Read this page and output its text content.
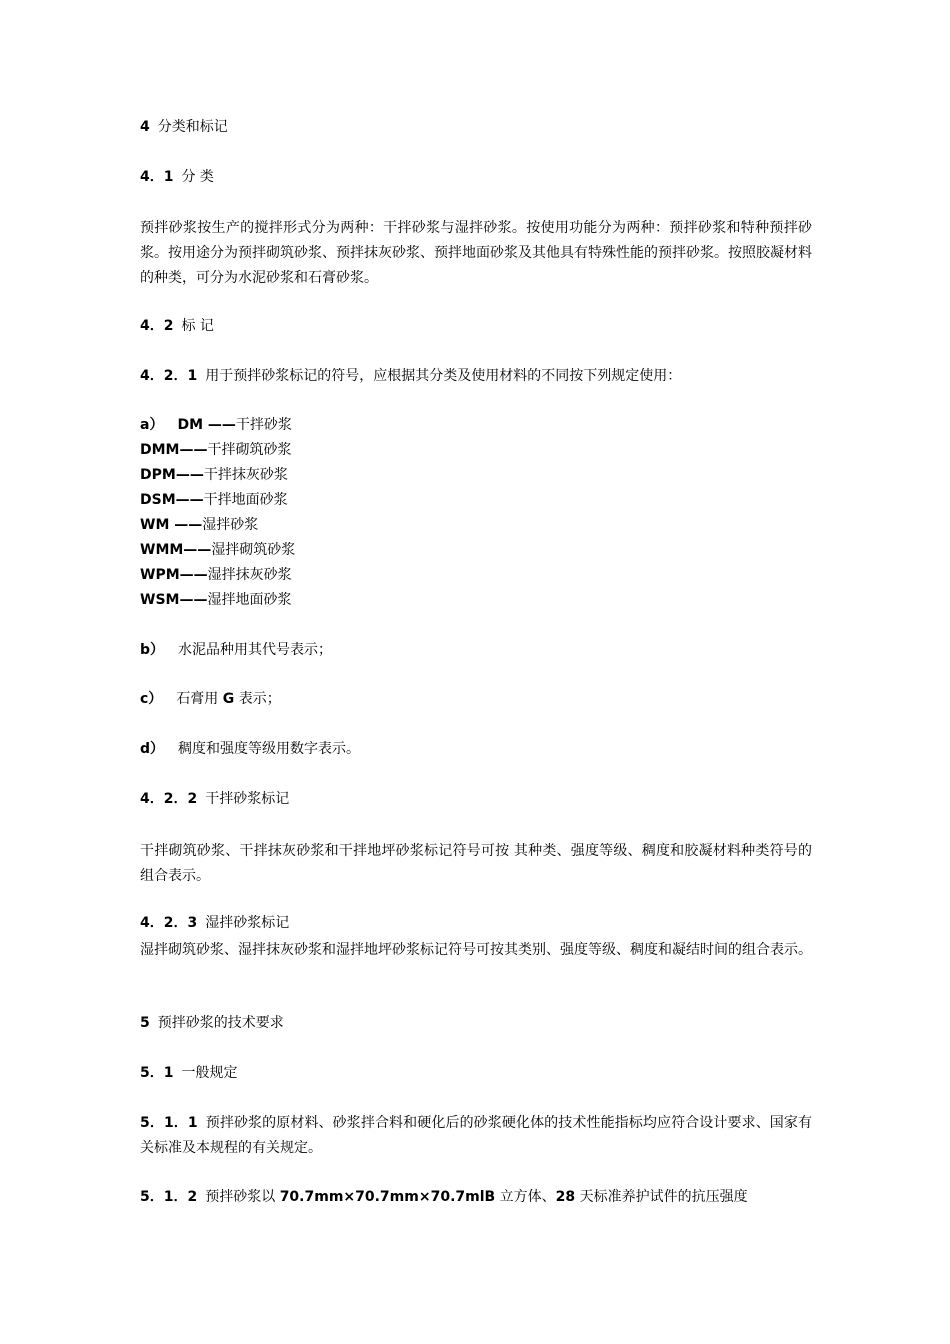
4 分类和标记
4．1 分 类
预拌砂浆按生产的搅拌形式分为两种：干拌砂浆与湿拌砂浆。按使用功能分为两种：预拌砂浆和特种预拌砂浆。按用途分为预拌砌筑砂浆、预拌抹灰砂浆、预拌地面砂浆及其他具有特殊性能的预拌砂浆。按照胶凝材料的种类，可分为水泥砂浆和石膏砂浆。
4．2 标 记
4．2．1 用于预拌砂浆标记的符号，应根据其分类及使用材料的不同按下列规定使用：
a） DM ——干拌砂浆
DMM——干拌砌筑砂浆
DPM——干拌抹灰砂浆
DSM——干拌地面砂浆
WM ——湿拌砂浆
WMM——湿拌砌筑砂浆
WPM——湿拌抹灰砂浆
WSM——湿拌地面砂浆
b） 水泥品种用其代号表示；
c） 石膏用 G 表示；
d） 稠度和强度等级用数字表示。
4．2．2 干拌砂浆标记
干拌砌筑砂浆、干拌抹灰砂浆和干拌地坪砂浆标记符号可按 其种类、强度等级、稠度和胶凝材料种类符号的组合表示。
4．2．3 湿拌砂浆标记
湿拌砌筑砂浆、湿拌抹灰砂浆和湿拌地坪砂浆标记符号可按其类别、强度等级、稠度和凝结时间的组合表示。
5 预拌砂浆的技术要求
5．1 一般规定
5．1．1 预拌砂浆的原材料、砂浆拌合料和硬化后的砂浆硬化体的技术性能指标均应符合设计要求、国家有关标准及本规程的有关规定。
5．1．2 预拌砂浆以 70.7mm×70.7mm×70.7mlB 立方体、28 天标准养护试件的抗压强度
